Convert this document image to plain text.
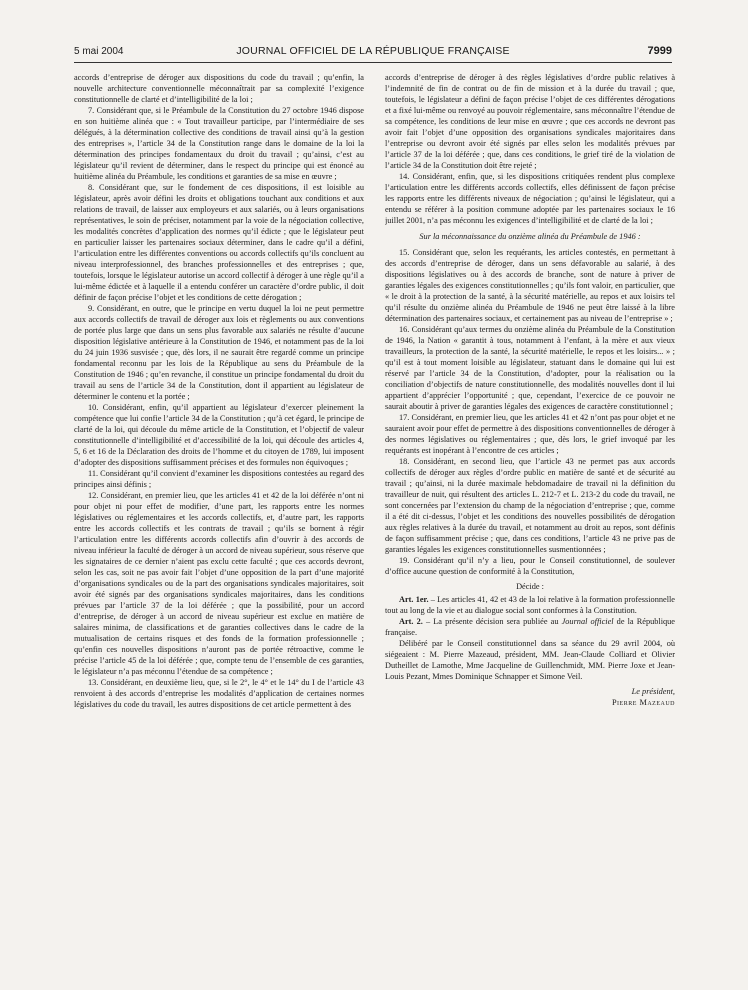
5 mai 2004	JOURNAL OFFICIEL DE LA RÉPUBLIQUE FRANÇAISE	7999

accords d’entreprise de déroger aux dispositions du code du travail ; qu’enfin, la nouvelle architecture conventionnelle méconnaîtrait par sa complexité l’exigence constitutionnelle de clarté et d’intelligibilité de la loi ;

7. Considérant que, si le Préambule de la Constitution du 27 octobre 1946 dispose en son huitième alinéa que : « Tout travailleur participe, par l’intermédiaire de ses délégués, à la détermination collective des conditions de travail ainsi qu’à la gestion des entreprises », l’article 34 de la Constitution range dans le domaine de la loi la détermination des principes fondamentaux du droit du travail ; qu’ainsi, c’est au législateur qu’il revient de déterminer, dans le respect du principe qui est énoncé au huitième alinéa du Préambule, les conditions et garanties de sa mise en œuvre ;

8. Considérant que, sur le fondement de ces dispositions, il est loisible au législateur, après avoir défini les droits et obligations touchant aux conditions et aux relations de travail, de laisser aux employeurs et aux salariés, ou à leurs organisations représentatives, le soin de préciser, notamment par la voie de la négociation collective, les modalités concrètes d’application des normes qu’il édicte ; que le législateur peut en particulier laisser les partenaires sociaux déterminer, dans le cadre qu’il a défini, l’articulation entre les différentes conventions ou accords collectifs qu’ils concluent au niveau interprofessionnel, des branches professionnelles et des entreprises ; que, toutefois, lorsque le législateur autorise un accord collectif à déroger à une règle qu’il a lui-même édictée et à laquelle il a entendu conférer un caractère d’ordre public, il doit définir de façon précise l’objet et les conditions de cette dérogation ;

9. Considérant, en outre, que le principe en vertu duquel la loi ne peut permettre aux accords collectifs de travail de déroger aux lois et règlements ou aux conventions de portée plus large que dans un sens plus favorable aux salariés ne résulte d’aucune disposition législative antérieure à la Constitution de 1946, et notamment pas de la loi du 24 juin 1936 susvisée ; que, dès lors, il ne saurait être regardé comme un principe fondamental reconnu par les lois de la République au sens du Préambule de la Constitution de 1946 ; qu’en revanche, il constitue un principe fondamental du droit du travail au sens de l’article 34 de la Constitution, dont il appartient au législateur de déterminer le contenu et la portée ;

10. Considérant, enfin, qu’il appartient au législateur d’exercer pleinement la compétence que lui confie l’article 34 de la Constitution ; qu’à cet égard, le principe de clarté de la loi, qui découle du même article de la Constitution, et l’objectif de valeur constitutionnelle d’intelligibilité et d’accessibilité de la loi, qui découle des articles 4, 5, 6 et 16 de la Déclaration des droits de l’homme et du citoyen de 1789, lui imposent d’adopter des dispositions suffisamment précises et des formules non équivoques ;

11. Considérant qu’il convient d’examiner les dispositions contestées au regard des principes ainsi définis ;

12. Considérant, en premier lieu, que les articles 41 et 42 de la loi déférée n’ont ni pour objet ni pour effet de modifier, d’une part, les rapports entre les normes législatives ou réglementaires et les accords collectifs, et, d’autre part, les rapports entre les accords collectifs et les contrats de travail ; qu’ils se bornent à régir l’articulation entre les différents accords collectifs afin d’ouvrir à des accords de niveau inférieur la faculté de déroger à un accord de niveau supérieur, sous réserve que les signataires de ce dernier n’aient pas exclu cette faculté ; que ces accords devront, selon les cas, soit ne pas avoir fait l’objet d’une opposition de la part d’une majorité d’organisations syndicales ou de la part des organisations syndicales majoritaires, soit avoir été signés par des organisations syndicales majoritaires, dans les conditions prévues par l’article 37 de la loi déférée ; que la possibilité, pour un accord d’entreprise, de déroger à un accord de niveau supérieur est exclue en matière de salaires minima, de classifications et de garanties collectives dans le cadre de la mutualisation de certains risques et des fonds de la formation professionnelle ; qu’enfin ces nouvelles dispositions n’auront pas de portée rétroactive, comme le précise l’article 45 de la loi déférée ; que, compte tenu de l’ensemble de ces garanties, le législateur n’a pas méconnu l’étendue de sa compétence ;

13. Considérant, en deuxième lieu, que, si le 2°, le 4° et le 14° du I de l’article 43 renvoient à des accords d’entreprise les modalités d’application de certaines normes législatives du code du travail, les autres dispositions de cet article permettent à des

accords d’entreprise de déroger à des règles législatives d’ordre public relatives à l’indemnité de fin de contrat ou de fin de mission et à la durée du travail ; que, toutefois, le législateur a défini de façon précise l’objet de ces différentes dérogations et a fixé lui-même ou renvoyé au pouvoir réglementaire, sans méconnaître l’étendue de sa compétence, les conditions de leur mise en œuvre ; que ces accords ne devront pas avoir fait l’objet d’une opposition des organisations syndicales majoritaires dans l’entreprise ou devront avoir été signés par elles selon les modalités prévues par l’article 37 de la loi déférée ; que, dans ces conditions, le grief tiré de la violation de l’article 34 de la Constitution doit être rejeté ;

14. Considérant, enfin, que, si les dispositions critiquées rendent plus complexe l’articulation entre les différents accords collectifs, elles définissent de façon précise les rapports entre les différents niveaux de négociation ; qu’ainsi le législateur, qui a entendu se référer à la position commune adoptée par les partenaires sociaux le 16 juillet 2001, n’a pas méconnu les exigences d’intelligibilité et de clarté de la loi ;

Sur la méconnaissance du onzième alinéa du Préambule de 1946 :

15. Considérant que, selon les requérants, les articles contestés, en permettant à des accords d’entreprise de déroger, dans un sens défavorable au salarié, à des dispositions législatives ou à des accords de branche, sont de nature à priver de garanties légales des exigences constitutionnelles ; qu’ils font valoir, en particulier, que « le droit à la protection de la santé, à la sécurité matérielle, au repos et aux loisirs tel qu’il résulte du onzième alinéa du Préambule de 1946 ne peut être laissé à la libre détermination des partenaires sociaux, et certainement pas au niveau de l’entreprise » ;

16. Considérant qu’aux termes du onzième alinéa du Préambule de la Constitution de 1946, la Nation « garantit à tous, notamment à l’enfant, à la mère et aux vieux travailleurs, la protection de la santé, la sécurité matérielle, le repos et les loisirs... » ; qu’il est à tout moment loisible au législateur, statuant dans le domaine qui lui est réservé par l’article 34 de la Constitution, d’adopter, pour la réalisation ou la conciliation d’objectifs de nature constitutionnelle, des modalités nouvelles dont il lui appartient d’apprécier l’opportunité ; que, cependant, l’exercice de ce pouvoir ne saurait aboutir à priver de garanties légales des exigences de caractère constitutionnel ;

17. Considérant, en premier lieu, que les articles 41 et 42 n’ont pas pour objet et ne sauraient avoir pour effet de permettre à des dispositions conventionnelles de déroger à des normes législatives ou réglementaires ; que, dès lors, le grief invoqué par les requérants est inopérant à l’encontre de ces articles ;

18. Considérant, en second lieu, que l’article 43 ne permet pas aux accords collectifs de déroger aux règles d’ordre public en matière de santé et de sécurité au travail ; qu’ainsi, ni la durée maximale hebdomadaire de travail ni la définition du travailleur de nuit, qui résultent des articles L. 212-7 et L. 213-2 du code du travail, ne sont concernées par l’extension du champ de la négociation d’entreprise ; que, comme il a été dit ci-dessus, l’objet et les conditions des nouvelles possibilités de dérogation aux règles relatives à la durée du travail, et notamment au droit au repos, sont définis de façon suffisamment précise ; que, dans ces conditions, l’article 43 ne prive pas de garanties légales les exigences constitutionnelles susmentionnées ;

19. Considérant qu’il n’y a lieu, pour le Conseil constitutionnel, de soulever d’office aucune question de conformité à la Constitution,

Décide :

Art. 1er. – Les articles 41, 42 et 43 de la loi relative à la formation professionnelle tout au long de la vie et au dialogue social sont conformes à la Constitution.

Art. 2. – La présente décision sera publiée au Journal officiel de la République française.

Délibéré par le Conseil constitutionnel dans sa séance du 29 avril 2004, où siégeaient : M. Pierre Mazeaud, président, MM. Jean-Claude Colliard et Olivier Dutheillet de Lamothe, Mme Jacqueline de Guillenchmidt, MM. Pierre Joxe et Jean-Louis Pezant, Mmes Dominique Schnapper et Simone Veil.

Le président,
Pierre Mazeaud
